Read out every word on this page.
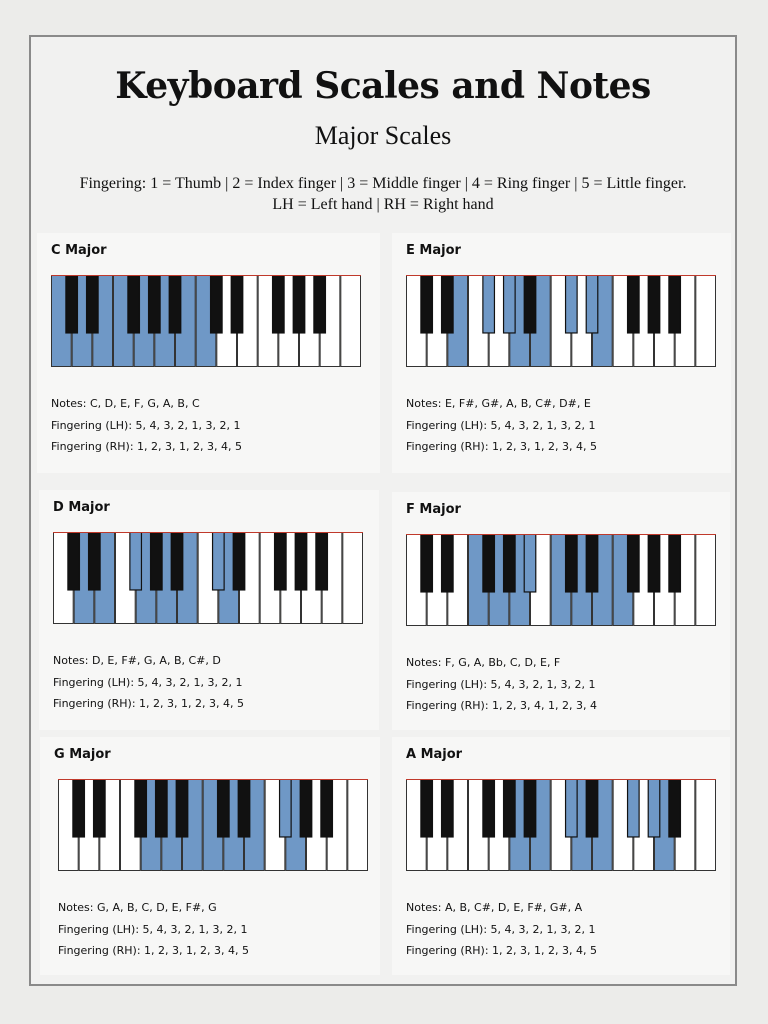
Keyboard Scales and Notes
Major Scales
Fingering: 1 = Thumb | 2 = Index finger | 3 = Middle finger | 4 = Ring finger | 5 = Little finger.
LH = Left hand | RH = Right hand
C Major
Notes: C, D, E, F, G, A, B, C
Fingering (LH): 5, 4, 3, 2, 1, 3, 2, 1
Fingering (RH): 1, 2, 3, 1, 2, 3, 4, 5
E Major
Notes: E, F#, G#, A, B, C#, D#, E
Fingering (LH): 5, 4, 3, 2, 1, 3, 2, 1
Fingering (RH): 1, 2, 3, 1, 2, 3, 4, 5
D Major
Notes: D, E, F#, G, A, B, C#, D
Fingering (LH): 5, 4, 3, 2, 1, 3, 2, 1
Fingering (RH): 1, 2, 3, 1, 2, 3, 4, 5
F Major
Notes: F, G, A, Bb, C, D, E, F
Fingering (LH): 5, 4, 3, 2, 1, 3, 2, 1
Fingering (RH): 1, 2, 3, 4, 1, 2, 3, 4
G Major
Notes: G, A, B, C, D, E, F#, G
Fingering (LH): 5, 4, 3, 2, 1, 3, 2, 1
Fingering (RH): 1, 2, 3, 1, 2, 3, 4, 5
A Major
Notes: A, B, C#, D, E, F#, G#, A
Fingering (LH): 5, 4, 3, 2, 1, 3, 2, 1
Fingering (RH): 1, 2, 3, 1, 2, 3, 4, 5
